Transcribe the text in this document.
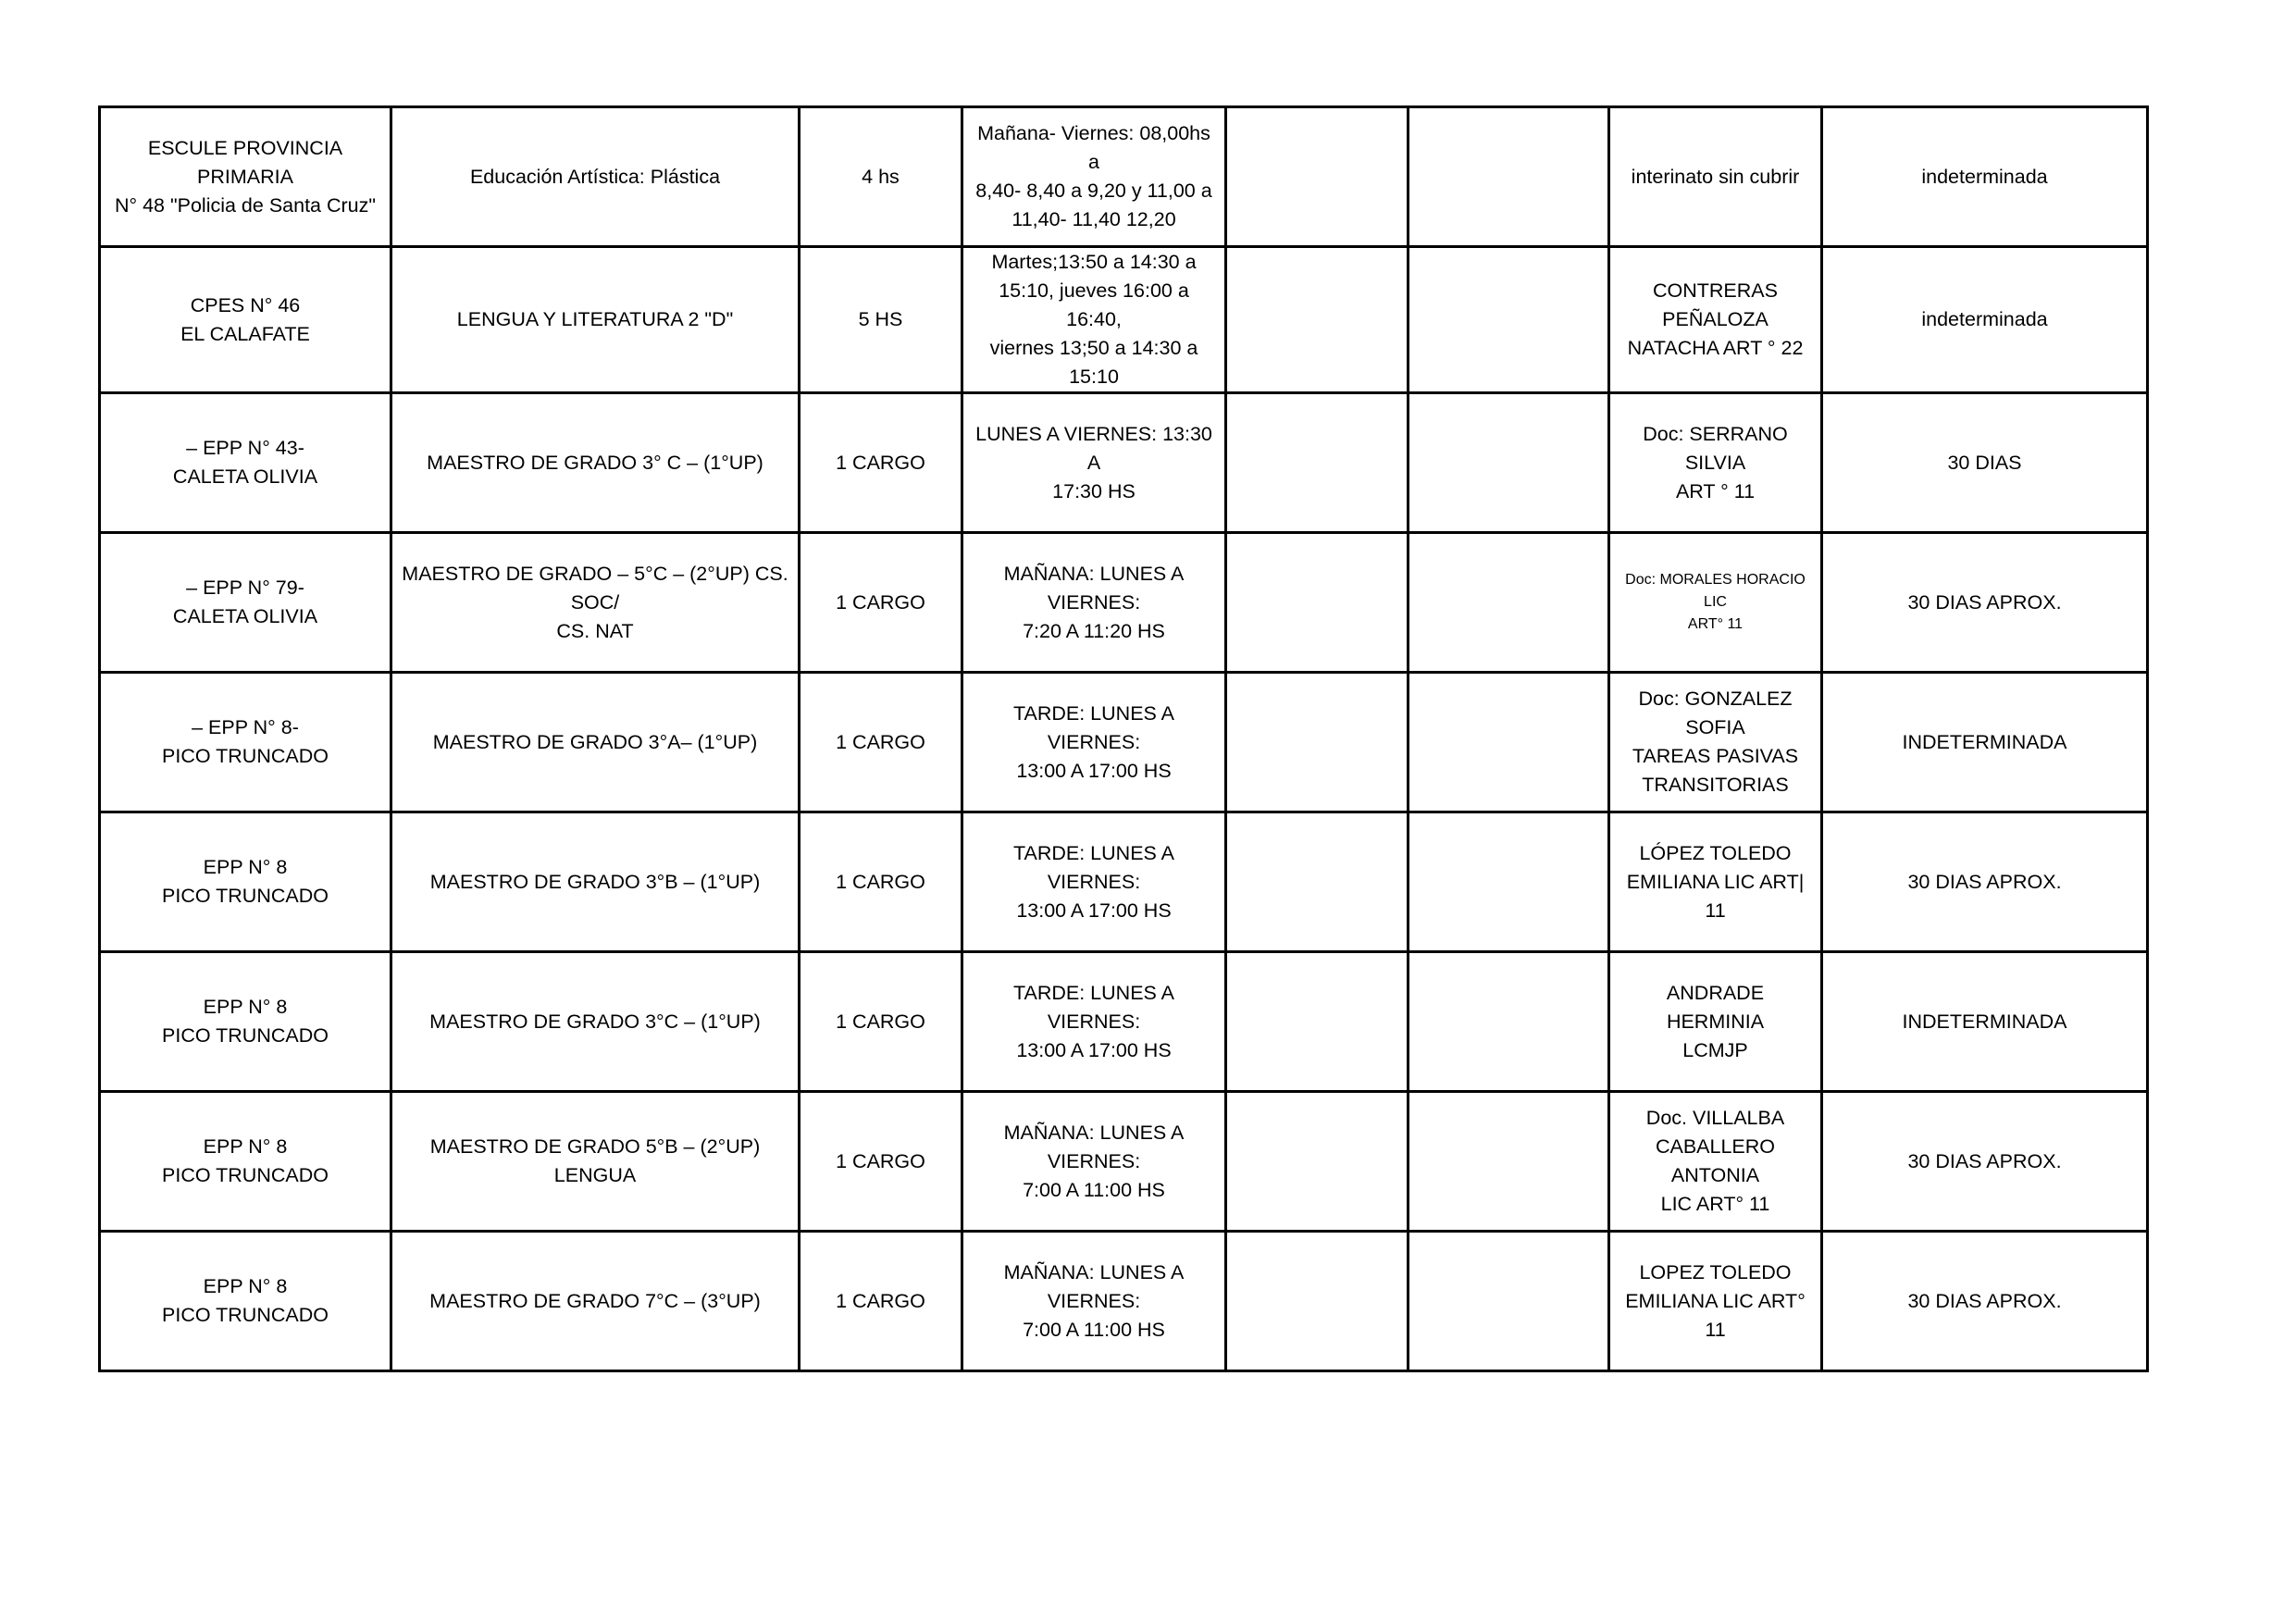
ESCULE PROVINCIA PRIMARIA
N° 48 "Policia de Santa Cruz"	Educación Artística: Plástica	4 hs	Mañana- Viernes: 08,00hs a
8,40- 8,40 a 9,20 y 11,00 a
11,40- 11,40 12,20			interinato sin cubrir	indeterminada
CPES N° 46
EL CALAFATE	LENGUA Y LITERATURA 2 "D"	5 HS	Martes;13:50 a 14:30 a
15:10, jueves 16:00 a 16:40,
viernes 13;50 a 14:30 a
15:10			CONTRERAS PEÑALOZA
NATACHA ART ° 22	indeterminada
– EPP N° 43-
CALETA OLIVIA	MAESTRO DE GRADO 3° C – (1°UP)	1 CARGO	LUNES A VIERNES: 13:30 A
17:30 HS			Doc: SERRANO SILVIA
ART ° 11	30 DIAS
– EPP N° 79-
CALETA OLIVIA	MAESTRO DE GRADO – 5°C – (2°UP) CS. SOC/
CS. NAT	1 CARGO	MAÑANA: LUNES A VIERNES:
7:20 A 11:20 HS			Doc: MORALES HORACIO LIC
ART° 11	30 DIAS APROX.
– EPP N° 8-
PICO TRUNCADO	MAESTRO DE GRADO 3°A– (1°UP)	1 CARGO	TARDE: LUNES A VIERNES:
13:00 A 17:00 HS			Doc: GONZALEZ SOFIA
TAREAS PASIVAS
TRANSITORIAS	INDETERMINADA
EPP N° 8
PICO TRUNCADO	MAESTRO DE GRADO 3°B – (1°UP)	1 CARGO	TARDE: LUNES A VIERNES:
13:00 A 17:00 HS			LÓPEZ TOLEDO
EMILIANA LIC ART| 11	30 DIAS APROX.
EPP N° 8
PICO TRUNCADO	MAESTRO DE GRADO 3°C – (1°UP)	1 CARGO	TARDE: LUNES A VIERNES:
13:00 A 17:00 HS			ANDRADE HERMINIA
LCMJP	INDETERMINADA
EPP N° 8
PICO TRUNCADO	MAESTRO DE GRADO 5°B – (2°UP) LENGUA	1 CARGO	MAÑANA: LUNES A VIERNES:
7:00 A 11:00 HS			Doc. VILLALBA
CABALLERO ANTONIA
LIC ART° 11	30 DIAS APROX.
EPP N° 8
PICO TRUNCADO	MAESTRO DE GRADO 7°C – (3°UP)	1 CARGO	MAÑANA: LUNES A VIERNES:
7:00 A 11:00 HS			LOPEZ TOLEDO
EMILIANA LIC ART° 11	30 DIAS APROX.
